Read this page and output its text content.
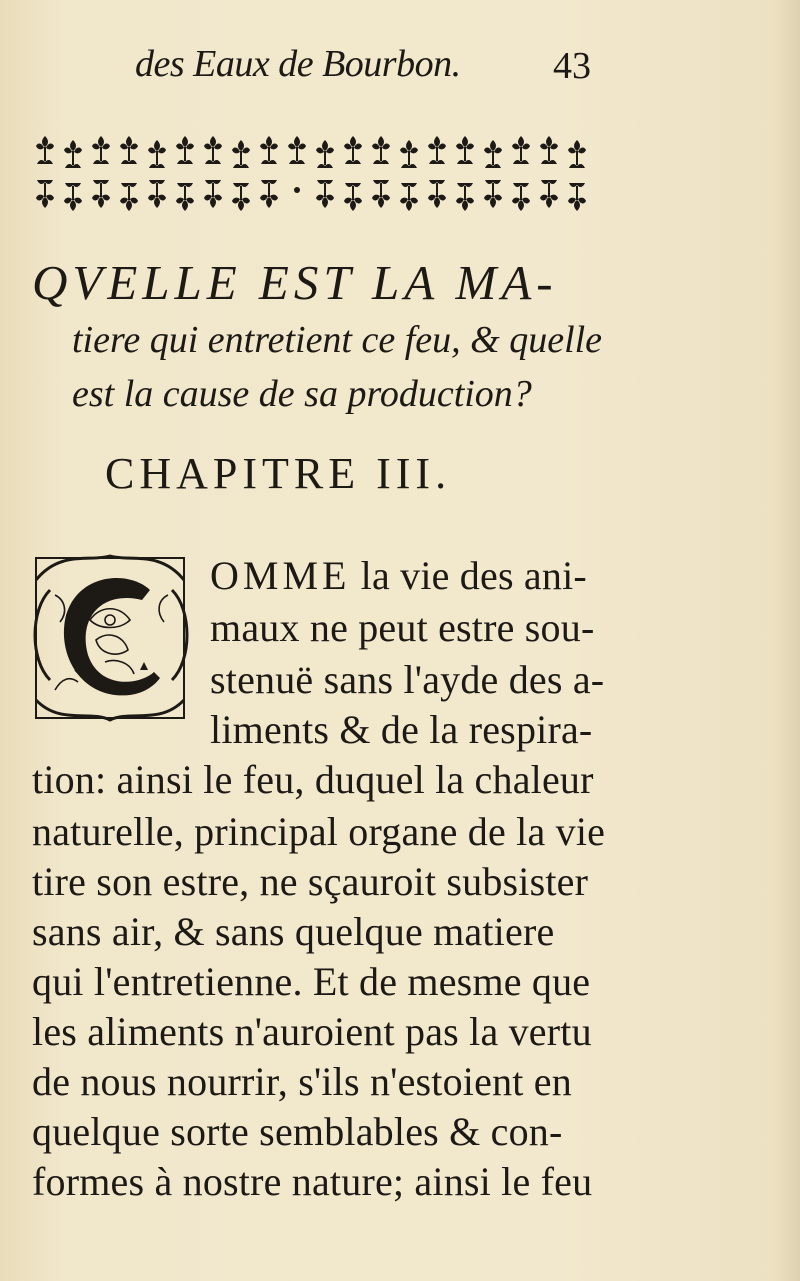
des Eaux de Bourbon. 43
QVELLE EST LA MA-
tiere qui entretient ce feu, & quelle
est la cause de sa production?
CHAPITRE III.
OMME la vie des ani-
maux ne peut estre sou-
stenuë sans l'ayde des a-
liments & de la respira-
tion: ainsi le feu, duquel la chaleur
naturelle, principal organe de la vie
tire son estre, ne sçauroit subsister
sans air, & sans quelque matiere
qui l'entretienne. Et de mesme que
les aliments n'auroient pas la vertu
de nous nourrir, s'ils n'estoient en
quelque sorte semblables & con-
formes à nostre nature; ainsi le feu
